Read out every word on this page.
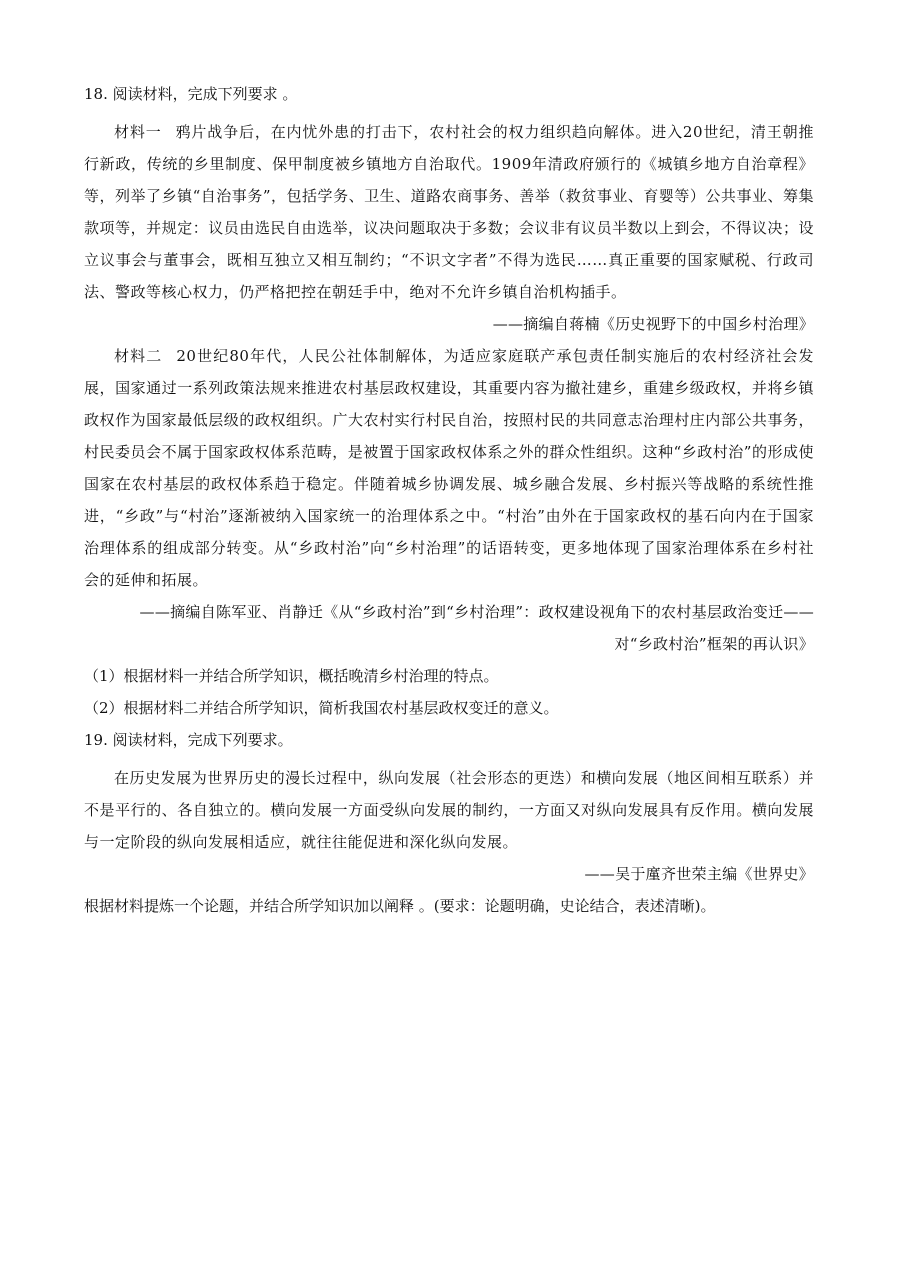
18. 阅读材料，完成下列要求 。

材料一 鸦片战争后，在内忧外患的打击下，农村社会的权力组织趋向解体。进入20世纪，清王朝推行新政，传统的乡里制度、保甲制度被乡镇地方自治取代。1909年清政府颁行的《城镇乡地方自治章程》等，列举了乡镇“自治事务”，包括学务、卫生、道路农商事务、善举（救贫事业、育婴等）公共事业、筹集款项等，并规定：议员由选民自由选举，议决问题取决于多数；会议非有议员半数以上到会，不得议决；设立议事会与董事会，既相互独立又相互制约；“不识文字者”不得为选民……真正重要的国家赋税、行政司法、警政等核心权力，仍严格把控在朝廷手中，绝对不允许乡镇自治机构插手。

——摘编自蒋楠《历史视野下的中国乡村治理》

材料二 20世纪80年代，人民公社体制解体，为适应家庭联产承包责任制实施后的农村经济社会发展，国家通过一系列政策法规来推进农村基层政权建设，其重要内容为撤社建乡，重建乡级政权，并将乡镇政权作为国家最低层级的政权组织。广大农村实行村民自治，按照村民的共同意志治理村庄内部公共事务，村民委员会不属于国家政权体系范畴，是被置于国家政权体系之外的群众性组织。这种“乡政村治”的形成使国家在农村基层的政权体系趋于稳定。伴随着城乡协调发展、城乡融合发展、乡村振兴等战略的系统性推进，“乡政”与“村治”逐渐被纳入国家统一的治理体系之中。“村治”由外在于国家政权的基石向内在于国家治理体系的组成部分转变。从“乡政村治”向“乡村治理”的话语转变，更多地体现了国家治理体系在乡村社会的延伸和拓展。

——摘编自陈军亚、肖静迁《从“乡政村治”到“乡村治理”：政权建设视角下的农村基层政治变迁——
对“乡政村治”框架的再认识》

（1）根据材料一并结合所学知识，概括晚清乡村治理的特点。

（2）根据材料二并结合所学知识，简析我国农村基层政权变迁的意义。

19. 阅读材料，完成下列要求。

在历史发展为世界历史的漫长过程中，纵向发展（社会形态的更迭）和横向发展（地区间相互联系）并不是平行的、各自独立的。横向发展一方面受纵向发展的制约，一方面又对纵向发展具有反作用。横向发展与一定阶段的纵向发展相适应，就往往能促进和深化纵向发展。

——吴于廑齐世荣主编《世界史》

根据材料提炼一个论题，并结合所学知识加以阐释 。(要求：论题明确，史论结合，表述清晰)。
